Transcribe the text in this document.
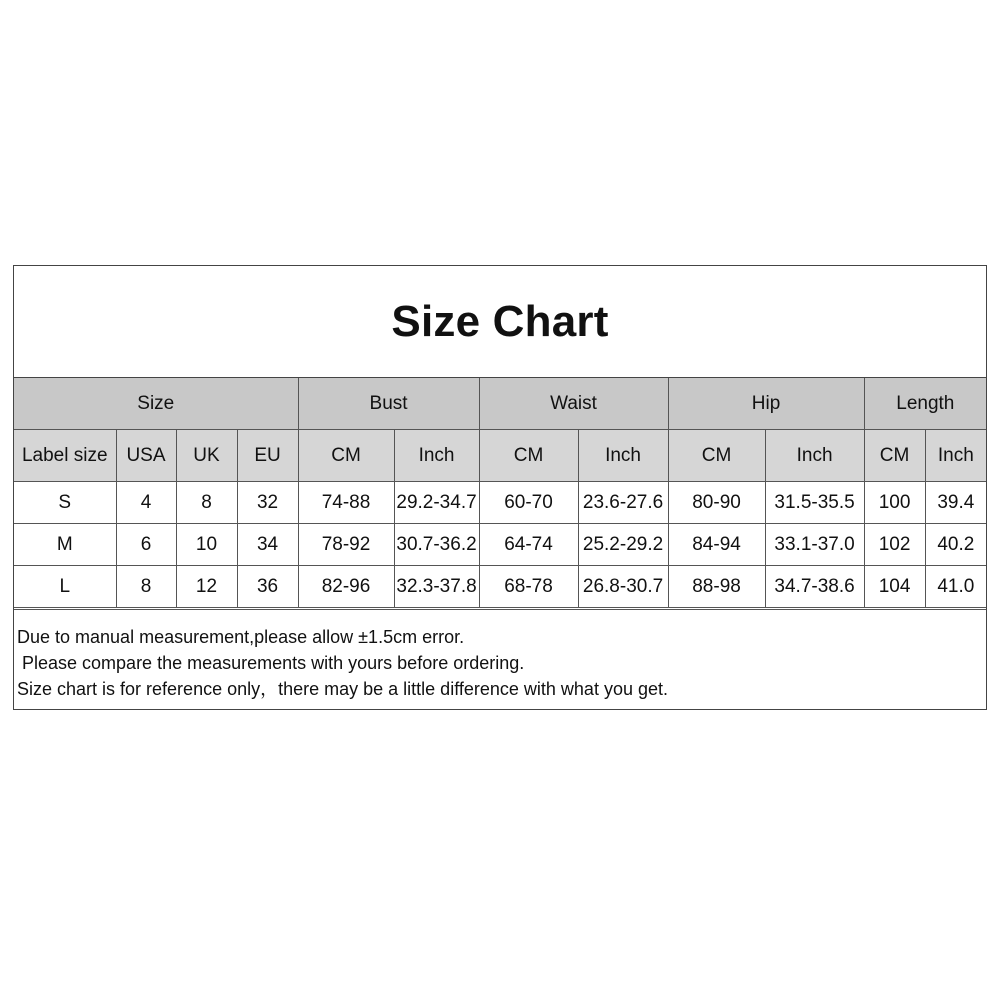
Size Chart
Size				Bust		Waist		Hip		Length	
Label size	USA	UK	EU	CM	Inch	CM	Inch	CM	Inch	CM	Inch
S	4	8	32	74-88	29.2-34.7	60-70	23.6-27.6	80-90	31.5-35.5	100	39.4
M	6	10	34	78-92	30.7-36.2	64-74	25.2-29.2	84-94	33.1-37.0	102	40.2
L	8	12	36	82-96	32.3-37.8	68-78	26.8-30.7	88-98	34.7-38.6	104	41.0
Due to manual measurement,please allow ±1.5cm error.
Please compare the measurements with yours before ordering.
Size chart is for reference only，there may be a little difference with what you get.
